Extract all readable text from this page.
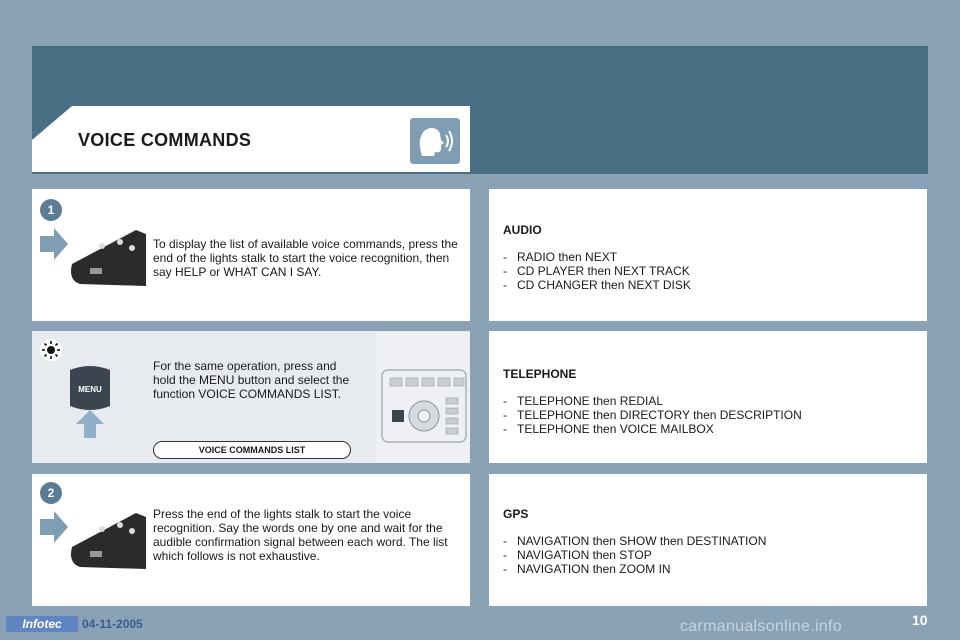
VOICE COMMANDS
1
To display the list of available voice commands, press the end of the lights stalk to start the voice recognition, then say HELP or WHAT CAN I SAY.
MENU
For the same operation, press and hold the MENU button and select the function VOICE COMMANDS LIST.
VOICE COMMANDS LIST
2
Press the end of the lights stalk to start the voice recognition. Say the words one by one and wait for the audible confirmation signal between each word. The list which follows is not exhaustive.
AUDIO
- RADIO then NEXT
- CD PLAYER then NEXT TRACK
- CD CHANGER then NEXT DISK
TELEPHONE
- TELEPHONE then REDIAL
- TELEPHONE then DIRECTORY then DESCRIPTION
- TELEPHONE then VOICE MAILBOX
GPS
- NAVIGATION then SHOW then DESTINATION
- NAVIGATION then STOP
- NAVIGATION then ZOOM IN
Infotec	04-11-2005	carmanualsonline.info	10
